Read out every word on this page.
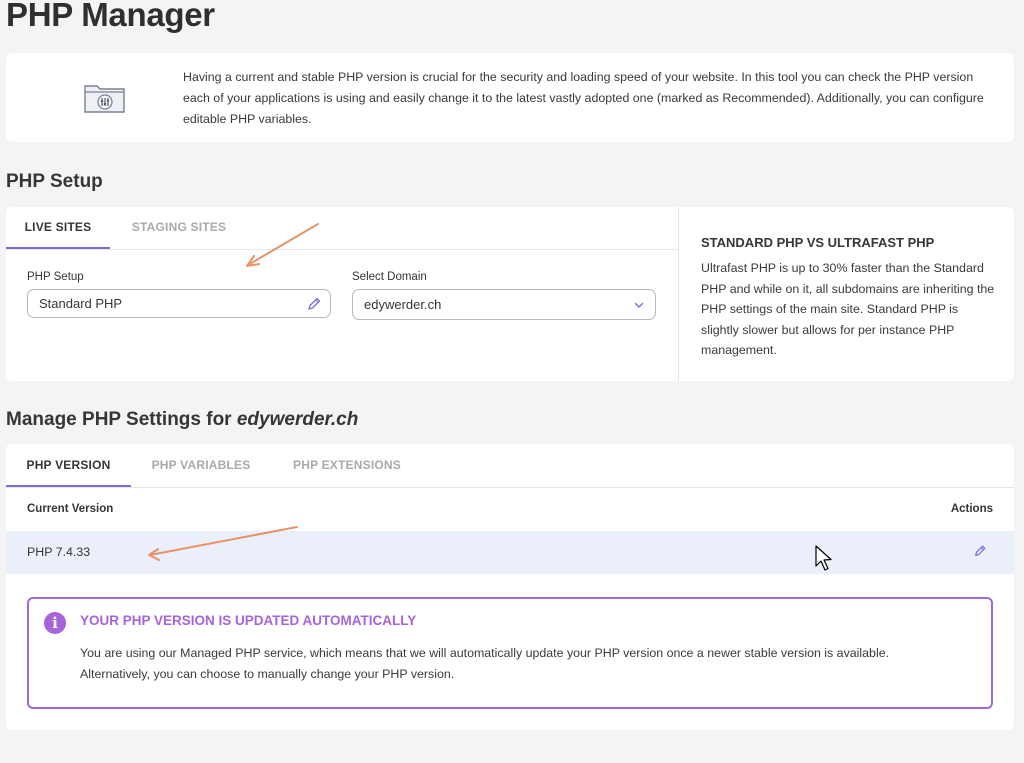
PHP Manager
Having a current and stable PHP version is crucial for the security and loading speed of your website. In this tool you can check the PHP version each of your applications is using and easily change it to the latest vastly adopted one (marked as Recommended). Additionally, you can configure editable PHP variables.
PHP Setup
LIVE SITES	STAGING SITES
PHP Setup
Standard PHP
Select Domain
edywerder.ch
STANDARD PHP VS ULTRAFAST PHP
Ultrafast PHP is up to 30% faster than the Standard PHP and while on it, all subdomains are inheriting the PHP settings of the main site. Standard PHP is slightly slower but allows for per instance PHP management.
Manage PHP Settings for edywerder.ch
PHP VERSION	PHP VARIABLES	PHP EXTENSIONS
Current Version	Actions
PHP 7.4.33
i	YOUR PHP VERSION IS UPDATED AUTOMATICALLY
You are using our Managed PHP service, which means that we will automatically update your PHP version once a newer stable version is available. Alternatively, you can choose to manually change your PHP version.
